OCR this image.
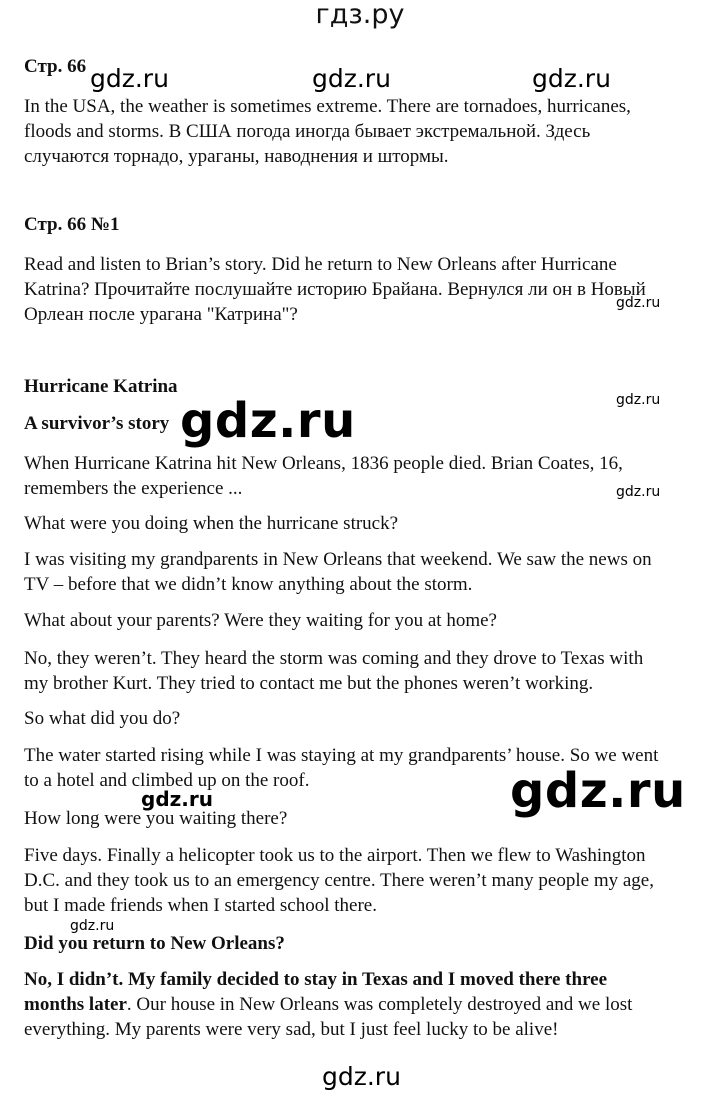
гдз.ру
Стр. 66
In the USA, the weather is sometimes extreme. There are tornadoes, hurricanes,
floods and storms. В США погода иногда бывает экстремальной. Здесь
случаются торнадо, ураганы, наводнения и штормы.
Стр. 66 №1
Read and listen to Brian’s story. Did he return to New Orleans after Hurricane
Katrina? Прочитайте послушайте историю Брайана. Вернулся ли он в Новый
Орлеан после урагана "Катрина"?
Hurricane Katrina
A survivor’s story
When Hurricane Katrina hit New Orleans, 1836 people died. Brian Coates, 16,
remembers the experience ...
What were you doing when the hurricane struck?
I was visiting my grandparents in New Orleans that weekend. We saw the news on
TV – before that we didn’t know anything about the storm.
What about your parents? Were they waiting for you at home?
No, they weren’t. They heard the storm was coming and they drove to Texas with
my brother Kurt. They tried to contact me but the phones weren’t working.
So what did you do?
The water started rising while I was staying at my grandparents’ house. So we went
to a hotel and climbed up on the roof.
How long were you waiting there?
Five days. Finally a helicopter took us to the airport. Then we flew to Washington
D.C. and they took us to an emergency centre. There weren’t many people my age,
but I made friends when I started school there.
Did you return to New Orleans?
No, I didn’t. My family decided to stay in Texas and I moved there three
months later. Our house in New Orleans was completely destroyed and we lost
everything. My parents were very sad, but I just feel lucky to be alive!
gdz.ru	gdz.ru	gdz.ru
gdz.ru
gdz.ru
gdz.ru
gdz.ru
gdz.ru
gdz.ru
gdz.ru
gdz.ru
